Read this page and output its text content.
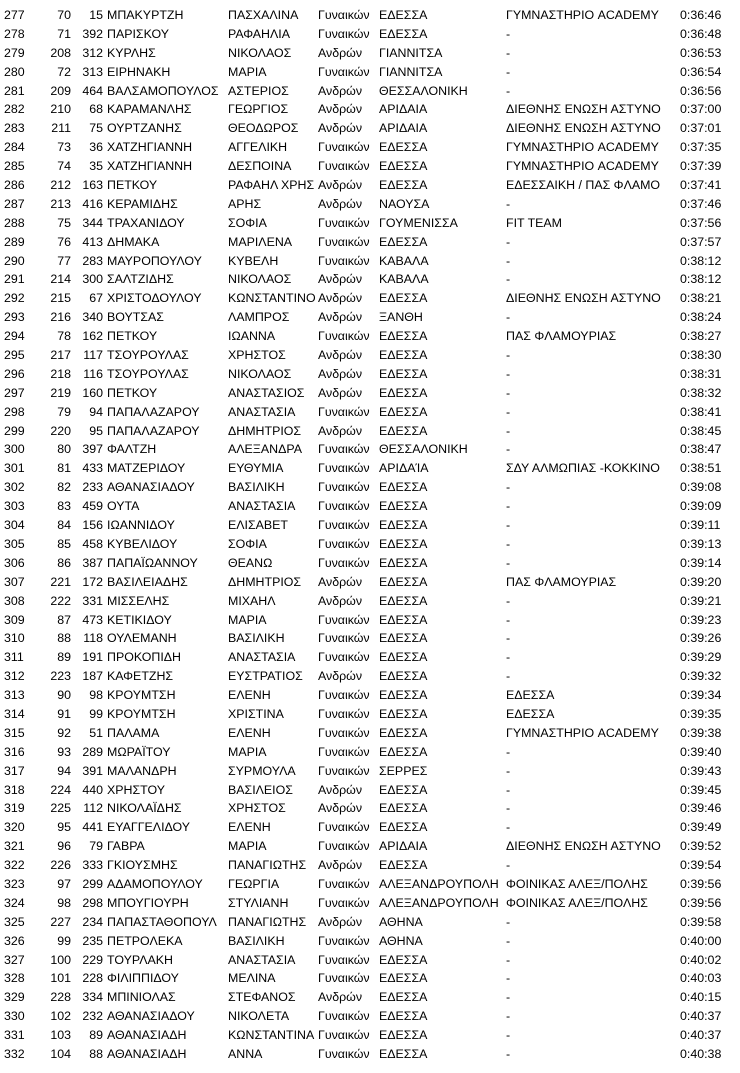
277	70	15 ΜΠΑΚΥΡΤΖΗ	ΠΑΣΧΑΛΙΝΑ	Γυναικών ΕΔΕΣΣΑ	ΓΥΜΝΑΣΤΗΡΙΟ ACADEMY	0:36:46
278	71 392 ΠΑΡΙΣΚΟΥ	ΡΑΦΑΗΛΙΑ	Γυναικών ΕΔΕΣΣΑ	-	0:36:48
279	208 312 ΚΥΡΛΗΣ	ΝΙΚΟΛΑΟΣ	Ανδρών	ΓΙΑΝΝΙΤΣΑ	-	0:36:53
280	72 313 ΕΙΡΗΝΑΚΗ	ΜΑΡΙΑ	Γυναικών ΓΙΑΝΝΙΤΣΑ	-	0:36:54
281	209 464 ΒΑΛΣΑΜΟΠΟΥΛΟΣ ΑΣΤΕΡΙΟΣ	Ανδρών	ΘΕΣΣΑΛΟΝΙΚΗ	-	0:36:56
282	210	68 ΚΑΡΑΜΑΝΛΗΣ	ΓΕΩΡΓΙΟΣ	Ανδρών	ΑΡΙΔΑΙΑ	ΔΙΕΘΝΗΣ ΕΝΩΣΗ ΑΣΤΥΝΟ	0:37:00
283	211	75 ΟΥΡΤΖΑΝΗΣ	ΘΕΟΔΩΡΟΣ	Ανδρών	ΑΡΙΔΑΙΑ	ΔΙΕΘΝΗΣ ΕΝΩΣΗ ΑΣΤΥΝΟ	0:37:01
284	73	36 ΧΑΤΖΗΓΙΑΝΝΗ	ΑΓΓΕΛΙΚΗ	Γυναικών ΕΔΕΣΣΑ	ΓΥΜΝΑΣΤΗΡΙΟ ACADEMY	0:37:35
285	74	35 ΧΑΤΖΗΓΙΑΝΝΗ	ΔΕΣΠΟΙΝΑ	Γυναικών ΕΔΕΣΣΑ	ΓΥΜΝΑΣΤΗΡΙΟ ACADEMY	0:37:39
286	212 163 ΠΕΤΚΟΥ	ΡΑΦΑΗΛ ΧΡΗΣ Ανδρών	ΕΔΕΣΣΑ	ΕΔΕΣΣΑΙΚΗ / ΠΑΣ ΦΛΑΜΟ	0:37:41
287	213 416 ΚΕΡΑΜΙΔΗΣ	ΑΡΗΣ	Ανδρών	ΝΑΟΥΣΑ	-	0:37:46
288	75 344 ΤΡΑΧΑΝΙΔΟΥ	ΣΟΦΙΑ	Γυναικών ΓΟΥΜΕΝΙΣΣΑ	FIT TEAM	0:37:56
289	76 413 ΔΗΜΑΚΑ	ΜΑΡΙΛΕΝΑ	Γυναικών ΕΔΕΣΣΑ	-	0:37:57
290	77 283 ΜΑΥΡΟΠΟΥΛΟΥ	ΚΥΒΕΛΗ	Γυναικών ΚΑΒΑΛΑ	-	0:38:12
291	214 300 ΣΑΛΤΖΙΔΗΣ	ΝΙΚΟΛΑΟΣ	Ανδρών	ΚΑΒΑΛΑ	-	0:38:12
292	215	67 ΧΡΙΣΤΟΔΟΥΛΟΥ	ΚΩΝΣΤΑΝΤΙΝΟ Ανδρών	ΕΔΕΣΣΑ	ΔΙΕΘΝΗΣ ΕΝΩΣΗ ΑΣΤΥΝΟ	0:38:21
293	216 340 ΒΟΥΤΣΑΣ	ΛΑΜΠΡΟΣ	Ανδρών	ΞΑΝΘΗ	-	0:38:24
294	78 162 ΠΕΤΚΟΥ	ΙΩΑΝΝΑ	Γυναικών ΕΔΕΣΣΑ	ΠΑΣ ΦΛΑΜΟΥΡΙΑΣ	0:38:27
295	217 117 ΤΣΟΥΡΟΥΛΑΣ	ΧΡΗΣΤΟΣ	Ανδρών	ΕΔΕΣΣΑ	-	0:38:30
296	218 116 ΤΣΟΥΡΟΥΛΑΣ	ΝΙΚΟΛΑΟΣ	Ανδρών	ΕΔΕΣΣΑ	-	0:38:31
297	219 160 ΠΕΤΚΟΥ	ΑΝΑΣΤΑΣΙΟΣ	Ανδρών	ΕΔΕΣΣΑ	-	0:38:32
298	79	94 ΠΑΠΑΛΑΖΑΡΟΥ	ΑΝΑΣΤΑΣΙΑ	Γυναικών ΕΔΕΣΣΑ	-	0:38:41
299	220	95 ΠΑΠΑΛΑΖΑΡΟΥ	ΔΗΜΗΤΡΙΟΣ	Ανδρών	ΕΔΕΣΣΑ	-	0:38:45
300	80 397 ΦΑΛΤΖΗ	ΑΛΕΞΑΝΔΡΑ	Γυναικών ΘΕΣΣΑΛΟΝΙΚΗ	-	0:38:47
301	81 433 ΜΑΤΖΕΡΙΔΟΥ	ΕΥΘΥΜΙΑ	Γυναικών ΑΡΙΔΑΊΑ	ΣΔΥ ΑΛΜΩΠΙΑΣ -ΚΟΚΚΙΝΟ	0:38:51
302	82 233 ΑΘΑΝΑΣΙΑΔΟΥ	ΒΑΣΙΛΙΚΗ	Γυναικών ΕΔΕΣΣΑ	-	0:39:08
303	83 459 ΟΥΤΑ	ΑΝΑΣΤΑΣΙΑ	Γυναικών ΕΔΕΣΣΑ	-	0:39:09
304	84 156 ΙΩΑΝΝΙΔΟΥ	ΕΛΙΣΑΒΕΤ	Γυναικών ΕΔΕΣΣΑ	-	0:39:11
305	85 458 ΚΥΒΕΛΙΔΟΥ	ΣΟΦΙΑ	Γυναικών ΕΔΕΣΣΑ	-	0:39:13
306	86 387 ΠΑΠΑΪΩΑΝΝΟΥ	ΘΕΑΝΩ	Γυναικών ΕΔΕΣΣΑ	-	0:39:14
307	221 172 ΒΑΣΙΛΕΙΑΔΗΣ	ΔΗΜΗΤΡΙΟΣ	Ανδρών	ΕΔΕΣΣΑ	ΠΑΣ ΦΛΑΜΟΥΡΙΑΣ	0:39:20
308	222 331 ΜΙΣΣΕΛΗΣ	ΜΙΧΑΗΛ	Ανδρών	ΕΔΕΣΣΑ	-	0:39:21
309	87 473 ΚΕΤΙΚΙΔΟΥ	ΜΑΡΙΑ	Γυναικών ΕΔΕΣΣΑ	-	0:39:23
310	88 118 ΟΥΛΕΜΑΝΗ	ΒΑΣΙΛΙΚΗ	Γυναικών ΕΔΕΣΣΑ	-	0:39:26
311	89 191 ΠΡΟΚΟΠΙΔΗ	ΑΝΑΣΤΑΣΙΑ	Γυναικών ΕΔΕΣΣΑ	-	0:39:29
312	223 187 ΚΑΦΕΤΖΗΣ	ΕΥΣΤΡΑΤΙΟΣ	Ανδρών	ΕΔΕΣΣΑ	-	0:39:32
313	90	98 ΚΡΟΥΜΤΣΗ	ΕΛΕΝΗ	Γυναικών ΕΔΕΣΣΑ	ΕΔΕΣΣΑ	0:39:34
314	91	99 ΚΡΟΥΜΤΣΗ	ΧΡΙΣΤΙΝΑ	Γυναικών ΕΔΕΣΣΑ	ΕΔΕΣΣΑ	0:39:35
315	92	51 ΠΑΛΑΜΑ	ΕΛΕΝΗ	Γυναικών ΕΔΕΣΣΑ	ΓΥΜΝΑΣΤΗΡΙΟ ACADEMY	0:39:38
316	93 289 ΜΩΡΑΪΤΟΥ	ΜΑΡΙΑ	Γυναικών ΕΔΕΣΣΑ	-	0:39:40
317	94 391 ΜΑΛΑΝΔΡΗ	ΣΥΡΜΟΥΛΑ	Γυναικών ΣΕΡΡΕΣ	-	0:39:43
318	224 440 ΧΡΗΣΤΟΥ	ΒΑΣΙΛΕΙΟΣ	Ανδρών	ΕΔΕΣΣΑ	-	0:39:45
319	225 112 ΝΙΚΟΛΑΪΔΗΣ	ΧΡΗΣΤΟΣ	Ανδρών	ΕΔΕΣΣΑ	-	0:39:46
320	95 441 ΕΥΑΓΓΕΛΙΔΟΥ	ΕΛΕΝΗ	Γυναικών ΕΔΕΣΣΑ	-	0:39:49
321	96	79 ΓΑΒΡΑ	ΜΑΡΙΑ	Γυναικών ΑΡΙΔΑΙΑ	ΔΙΕΘΝΗΣ ΕΝΩΣΗ ΑΣΤΥΝΟ	0:39:52
322	226 333 ΓΚΙΟΥΣΜΗΣ	ΠΑΝΑΓΙΩΤΗΣ Ανδρών	ΕΔΕΣΣΑ	-	0:39:54
323	97 299 ΑΔΑΜΟΠΟΥΛΟΥ	ΓΕΩΡΓΙΑ	Γυναικών ΑΛΕΞΑΝΔΡΟΥΠΟΛΗ ΦΟΙΝΙΚΑΣ ΑΛΕΞ/ΠΟΛΗΣ	0:39:56
324	98 298 ΜΠΟΥΓΙΟΥΡΗ	ΣΤΥΛΙΑΝΗ	Γυναικών ΑΛΕΞΑΝΔΡΟΥΠΟΛΗ ΦΟΙΝΙΚΑΣ ΑΛΕΞ/ΠΟΛΗΣ	0:39:56
325	227 234 ΠΑΠΑΣΤΑΘΟΠΟΥΛ ΠΑΝΑΓΙΩΤΗΣ Ανδρών	ΑΘΗΝΑ	-	0:39:58
326	99 235 ΠΕΤΡΟΛΕΚΑ	ΒΑΣΙΛΙΚΗ	Γυναικών ΑΘΗΝΑ	-	0:40:00
327	100 229 ΤΟΥΡΛΑΚΗ	ΑΝΑΣΤΑΣΙΑ	Γυναικών ΕΔΕΣΣΑ	-	0:40:02
328	101 228 ΦΙΛΙΠΠΙΔΟΥ	ΜΕΛΙΝΑ	Γυναικών ΕΔΕΣΣΑ	-	0:40:03
329	228 334 ΜΠΙΝΙΟΛΑΣ	ΣΤΕΦΑΝΟΣ	Ανδρών	ΕΔΕΣΣΑ	-	0:40:15
330	102 232 ΑΘΑΝΑΣΙΑΔΟΥ	ΝΙΚΟΛΕΤΑ	Γυναικών ΕΔΕΣΣΑ	-	0:40:37
331	103	89 ΑΘΑΝΑΣΙΑΔΗ	ΚΩΝΣΤΑΝΤΙΝΑ Γυναικών ΕΔΕΣΣΑ	-	0:40:37
332	104	88 ΑΘΑΝΑΣΙΑΔΗ	ΑΝΝΑ	Γυναικών ΕΔΕΣΣΑ	-	0:40:38
